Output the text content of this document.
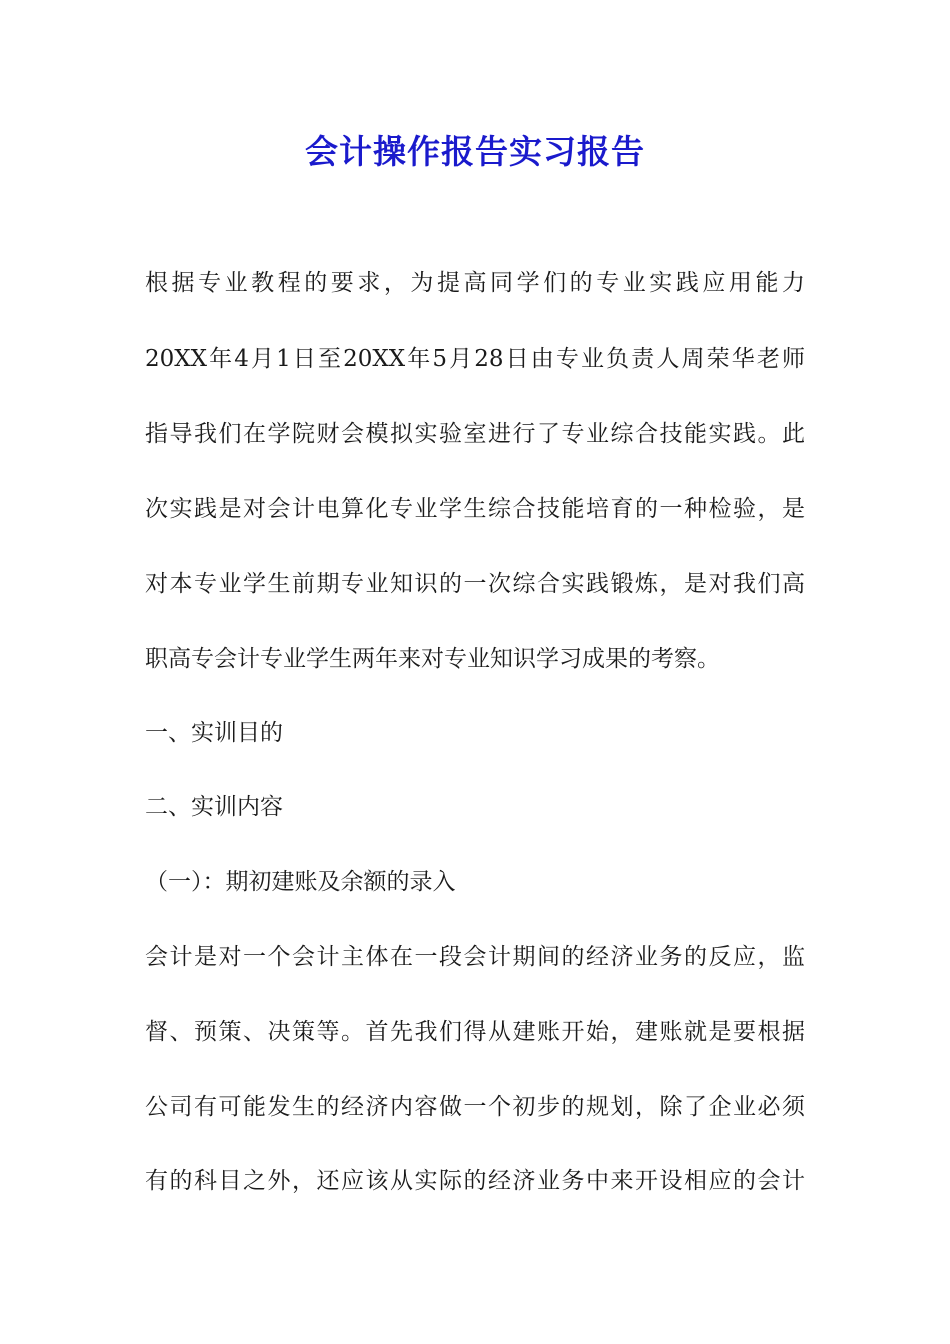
会计操作报告实习报告
根据专业教程的要求，为提高同学们的专业实践应用能力
20XX年4月1日至20XX年5月28日由专业负责人周荣华老师
指导我们在学院财会模拟实验室进行了专业综合技能实践。此
次实践是对会计电算化专业学生综合技能培育的一种检验，是
对本专业学生前期专业知识的一次综合实践锻炼，是对我们高
职高专会计专业学生两年来对专业知识学习成果的考察。
一、实训目的
二、实训内容
（一）：期初建账及余额的录入
会计是对一个会计主体在一段会计期间的经济业务的反应，监
督、预策、决策等。首先我们得从建账开始，建账就是要根据
公司有可能发生的经济内容做一个初步的规划，除了企业必须
有的科目之外，还应该从实际的经济业务中来开设相应的会计
